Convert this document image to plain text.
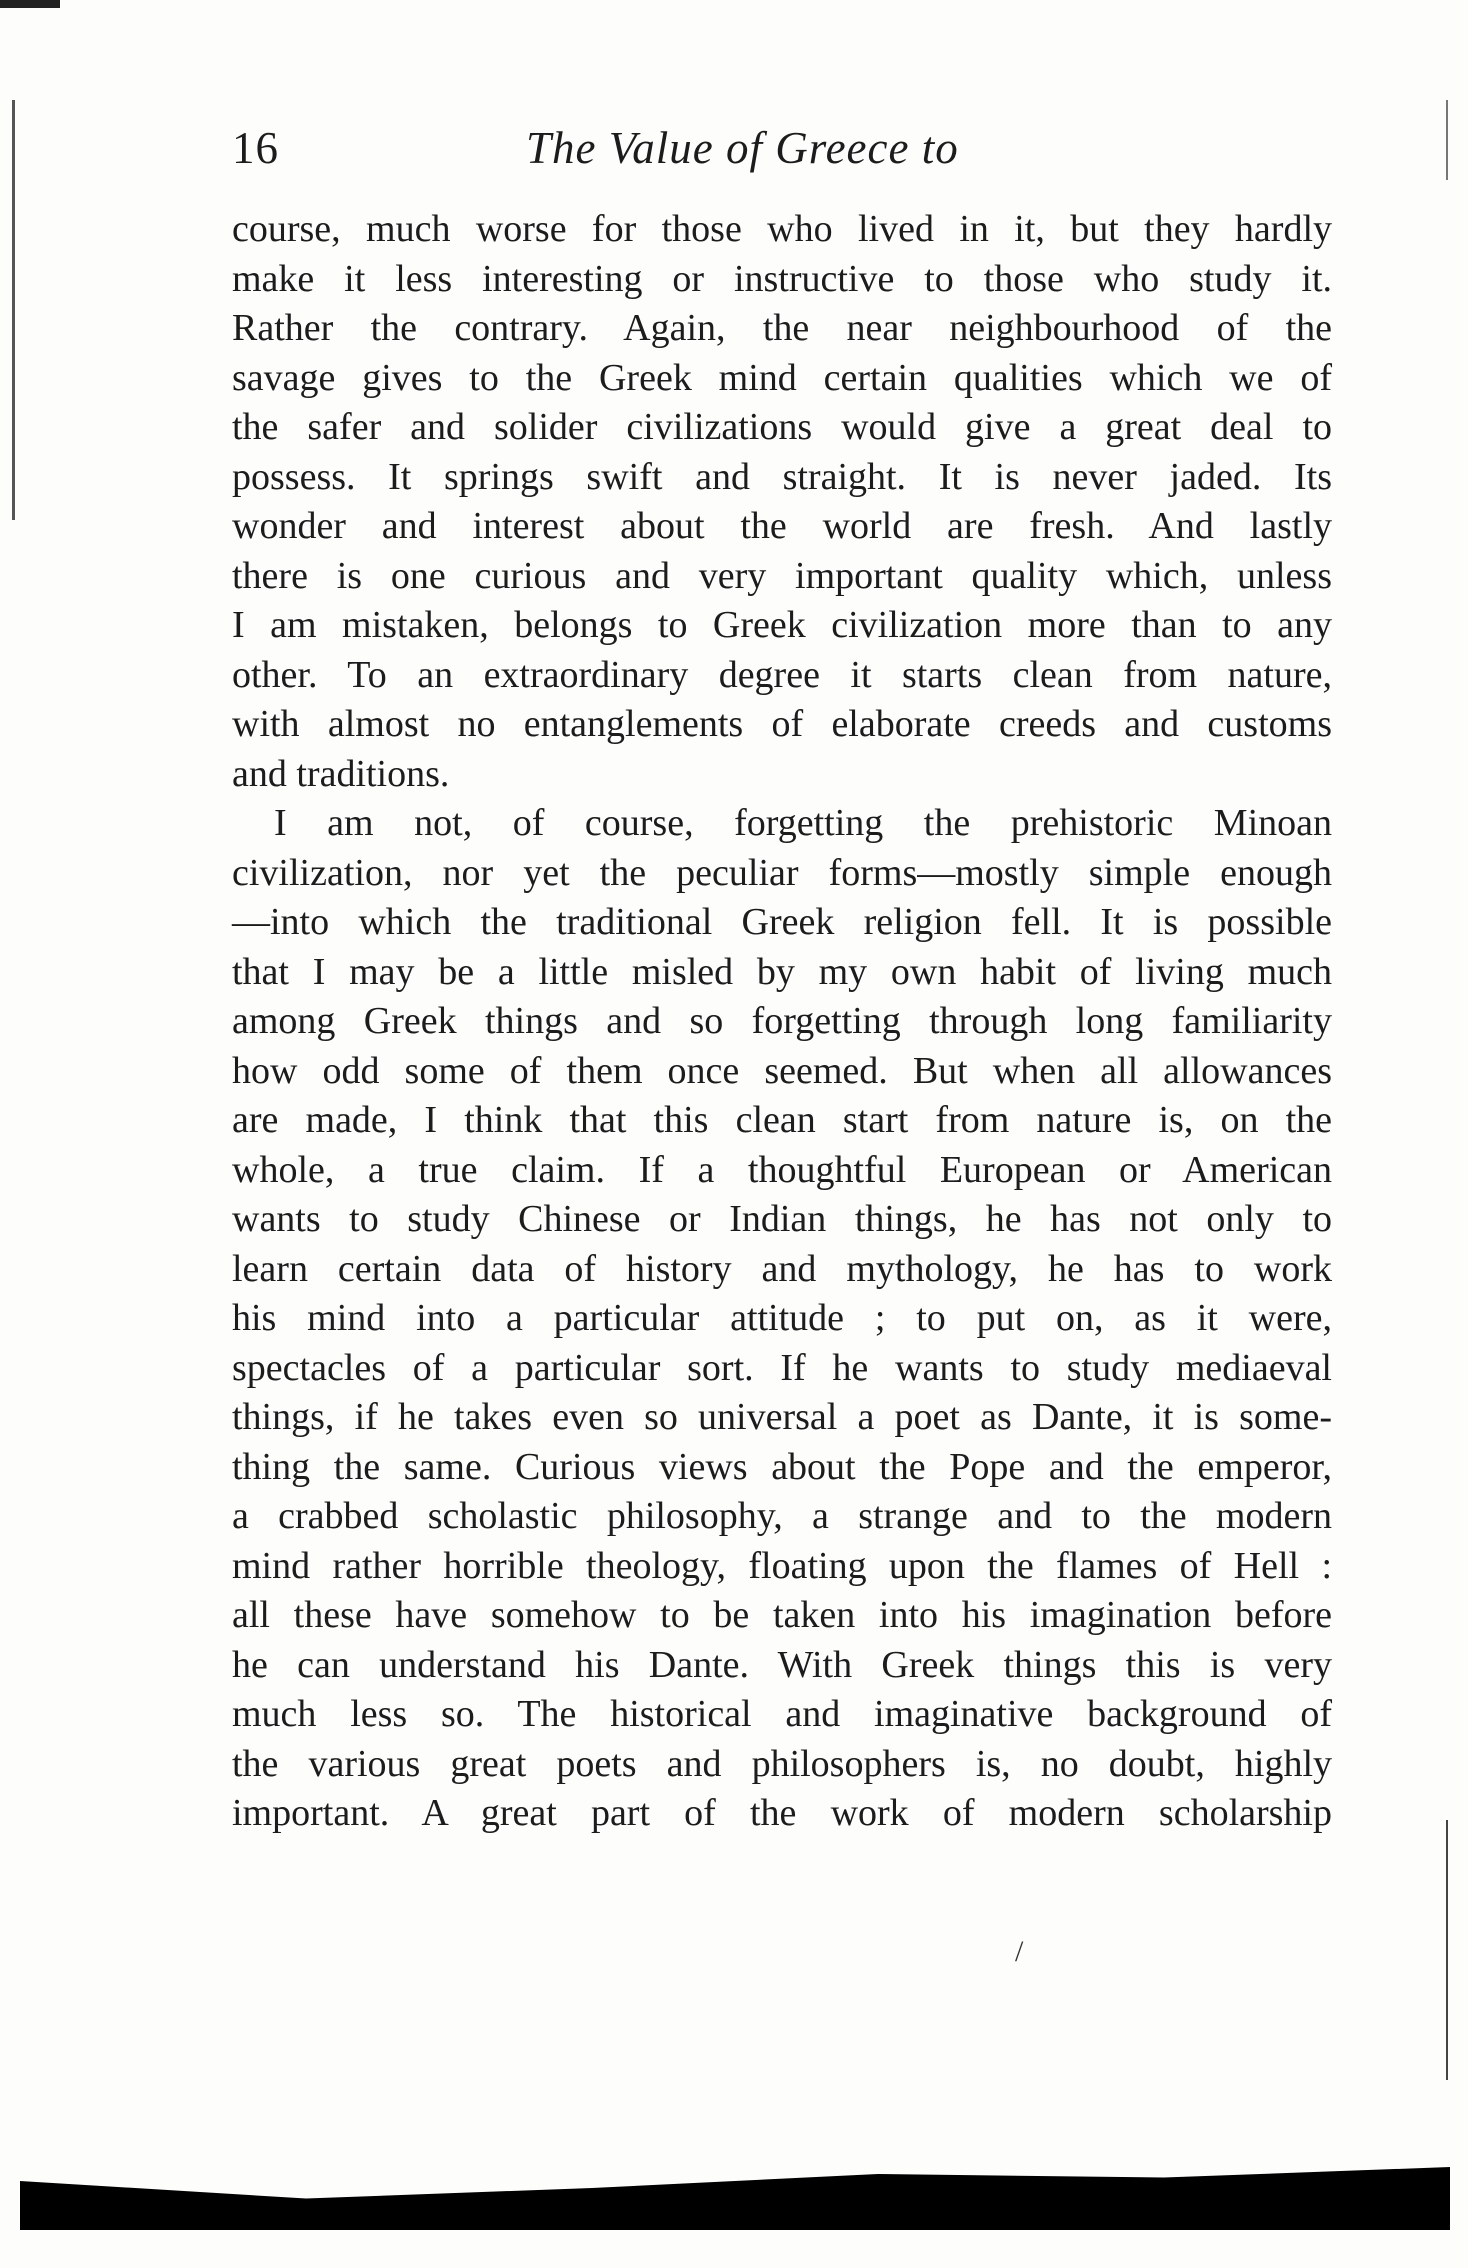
/
16	The Value of Greece to
course, much worse for those who lived in it, but they hardly
make it less interesting or instructive to those who study it.
Rather the contrary. Again, the near neighbourhood of the
savage gives to the Greek mind certain qualities which we of
the safer and solider civilizations would give a great deal to
possess. It springs swift and straight. It is never jaded. Its
wonder and interest about the world are fresh. And lastly
there is one curious and very important quality which, unless
I am mistaken, belongs to Greek civilization more than to any
other. To an extraordinary degree it starts clean from nature,
with almost no entanglements of elaborate creeds and customs
and traditions.
I am not, of course, forgetting the prehistoric Minoan
civilization, nor yet the peculiar forms—mostly simple enough
—into which the traditional Greek religion fell. It is possible
that I may be a little misled by my own habit of living much
among Greek things and so forgetting through long familiarity
how odd some of them once seemed. But when all allowances
are made, I think that this clean start from nature is, on the
whole, a true claim. If a thoughtful European or American
wants to study Chinese or Indian things, he has not only to
learn certain data of history and mythology, he has to work
his mind into a particular attitude ; to put on, as it were,
spectacles of a particular sort. If he wants to study mediaeval
things, if he takes even so universal a poet as Dante, it is some-
thing the same. Curious views about the Pope and the emperor,
a crabbed scholastic philosophy, a strange and to the modern
mind rather horrible theology, floating upon the flames of Hell :
all these have somehow to be taken into his imagination before
he can understand his Dante. With Greek things this is very
much less so. The historical and imaginative background of
the various great poets and philosophers is, no doubt, highly
important. A great part of the work of modern scholarship
